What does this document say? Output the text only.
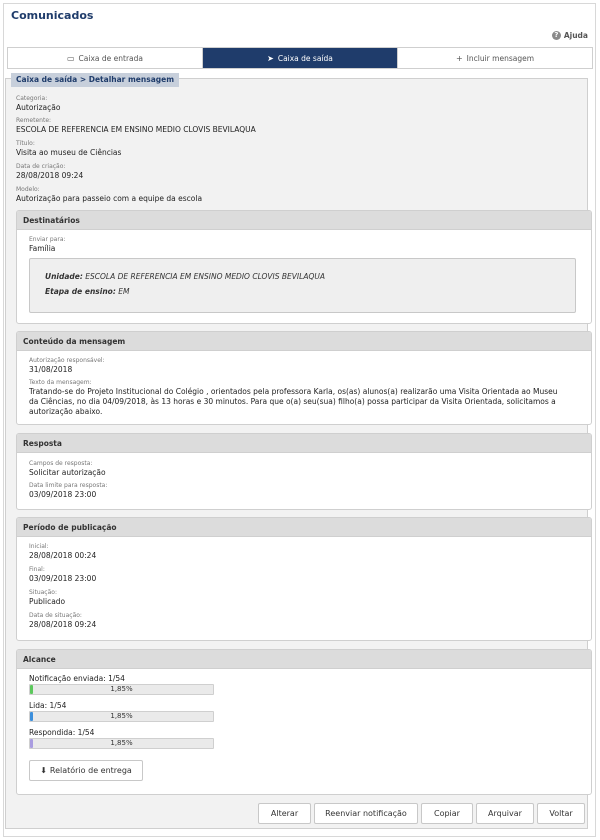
Comunicados
? Ajuda
▭ Caixa de entrada	➤ Caixa de saída	+ Incluir mensagem
Categoria:
Autorização
Remetente:
ESCOLA DE REFERENCIA EM ENSINO MEDIO CLOVIS BEVILAQUA
Título:
Visita ao museu de Ciências
Data de criação:
28/08/2018 09:24
Modelo:
Autorização para passeio com a equipe da escola
Destinatários
Enviar para:
Família
Unidade: ESCOLA DE REFERENCIA EM ENSINO MEDIO CLOVIS BEVILAQUA
Etapa de ensino: EM
Conteúdo da mensagem
Autorização responsável:
31/08/2018
Texto da mensagem:
Tratando-se do Projeto Institucional do Colégio , orientados pela professora Karla, os(as) alunos(a) realizarão uma Visita Orientada ao Museu da Ciências, no dia 04/09/2018, às 13 horas e 30 minutos. Para que o(a) seu(sua) filho(a) possa participar da Visita Orientada, solicitamos a autorização abaixo.
Resposta
Campos de resposta:
Solicitar autorização
Data limite para resposta:
03/09/2018 23:00
Período de publicação
Inicial:
28/08/2018 00:24
Final:
03/09/2018 23:00
Situação:
Publicado
Data de situação:
28/08/2018 09:24
Alcance
Notificação enviada: 1/54
1,85%
Lida: 1/54
1,85%
Respondida: 1/54
1,85%
⬇ Relatório de entrega
Alterar	Reenviar notificação	Copiar	Arquivar	Voltar
Caixa de saída > Detalhar mensagem
